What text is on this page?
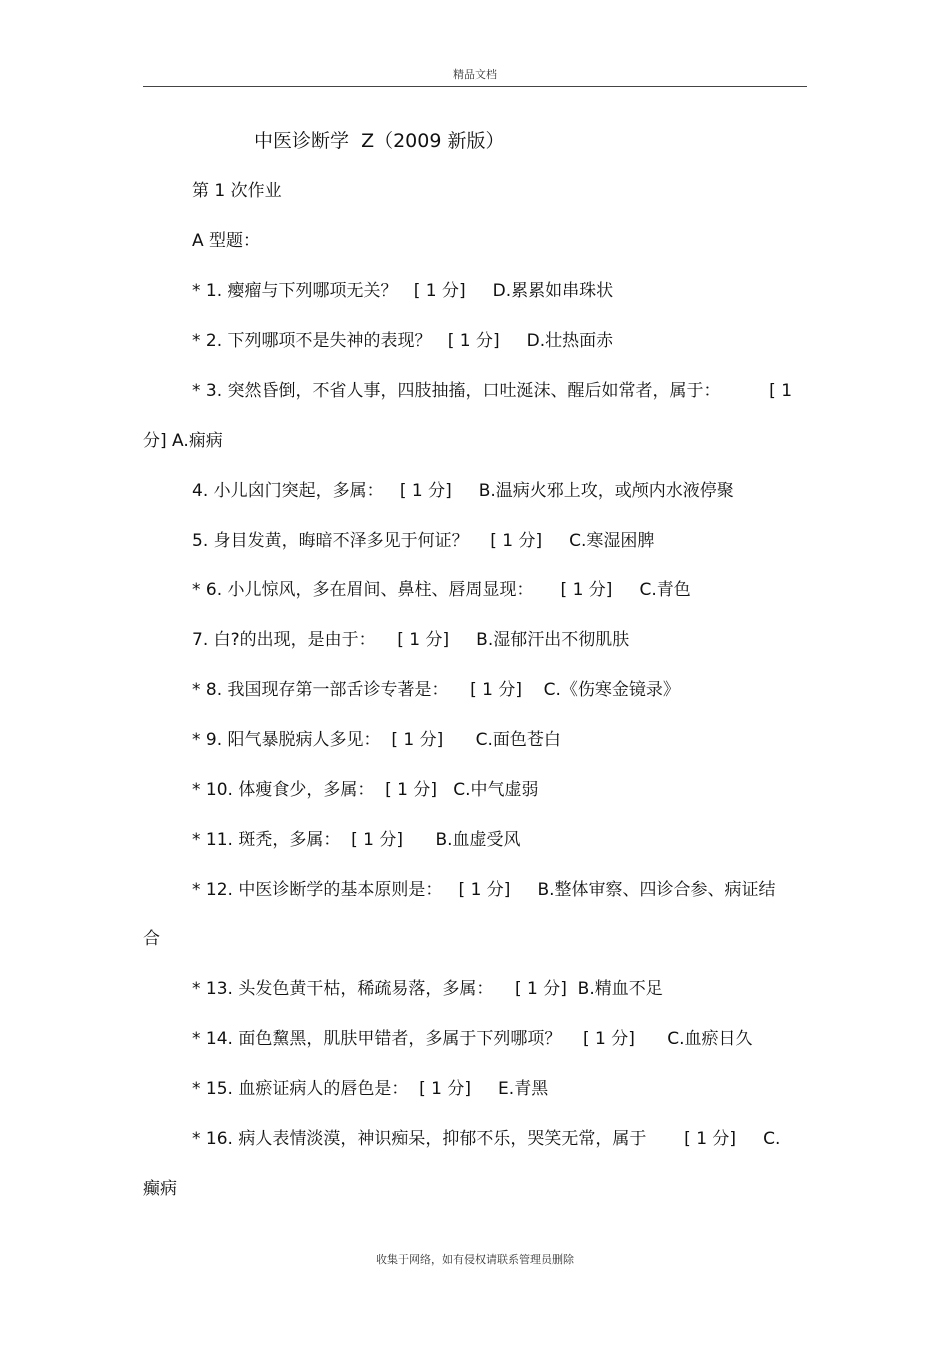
精品文档
中医诊断学  Z（2009 新版）
第 1 次作业
A 型题：
* 1. 瘿瘤与下列哪项无关？   [ 1 分]     D.累累如串珠状
* 2. 下列哪项不是失神的表现？   [ 1 分]     D.壮热面赤
* 3. 突然昏倒，不省人事，四肢抽搐，口吐涎沫、醒后如常者，属于：         [ 1
分] A.痫病
4. 小儿囟门突起，多属：   [ 1 分]     B.温病火邪上攻，或颅内水液停聚
5. 身目发黄，晦暗不泽多见于何证？    [ 1 分]     C.寒湿困脾
* 6. 小儿惊风，多在眉间、鼻柱、唇周显现：     [ 1 分]     C.青色
7. 白?的出现，是由于：    [ 1 分]     B.湿郁汗出不彻肌肤
* 8. 我国现存第一部舌诊专著是：    [ 1 分]    C.《伤寒金镜录》
* 9. 阳气暴脱病人多见：  [ 1 分]      C.面色苍白
* 10. 体瘦食少，多属：  [ 1 分]   C.中气虚弱
* 11. 斑秃，多属：  [ 1 分]      B.血虚受风
* 12. 中医诊断学的基本原则是：   [ 1 分]     B.整体审察、四诊合参、病证结
合
* 13. 头发色黄干枯，稀疏易落，多属：    [ 1 分]  B.精血不足
* 14. 面色黧黑，肌肤甲错者，多属于下列哪项？    [ 1 分]      C.血瘀日久
* 15. 血瘀证病人的唇色是：  [ 1 分]     E.青黑
* 16. 病人表情淡漠，神识痴呆，抑郁不乐，哭笑无常，属于       [ 1 分]     C.
癫病
收集于网络，如有侵权请联系管理员删除
